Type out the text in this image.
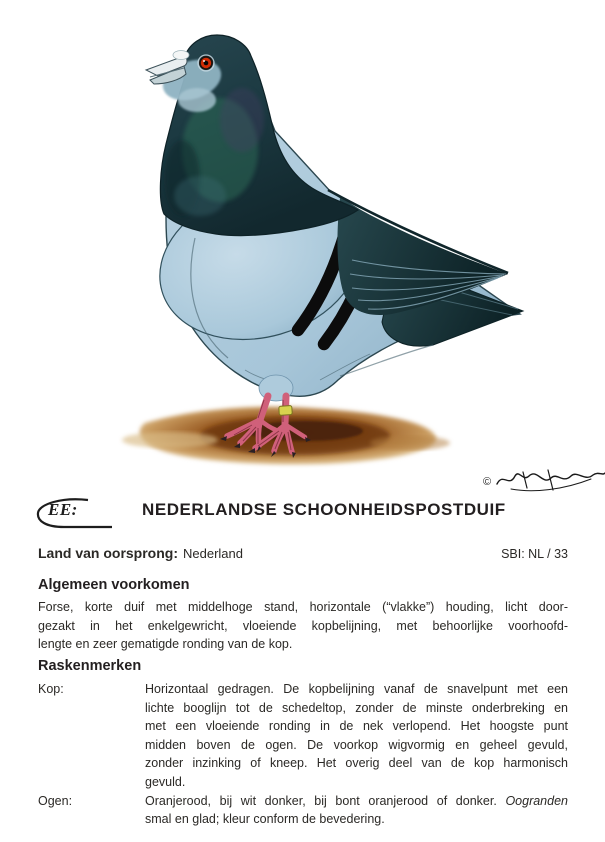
©
EE:	NEDERLANDSE SCHOONHEIDSPOSTDUIF
Land van oorsprong: Nederland	SBI: NL / 33
Algemeen voorkomen
Forse, korte duif met middelhoge stand, horizontale (“vlakke”) houding, licht door-
gezakt in het enkelgewricht, vloeiende kopbelijning, met behoorlijke voorhoofd-
lengte en zeer gematigde ronding van de kop.
Raskenmerken
Kop:	Horizontaal gedragen. De kopbelijning vanaf de snavelpunt met een
lichte booglijn tot de schedeltop, zonder de minste onderbreking en
met een vloeiende ronding in de nek verlopend. Het hoogste punt
midden boven de ogen. De voorkop wigvormig en geheel gevuld,
zonder inzinking of kneep. Het overig deel van de kop harmonisch
gevuld.
Ogen:	Oranjerood, bij wit donker, bij bont oranjerood of donker. Oogranden
smal en glad; kleur conform de bevedering.
